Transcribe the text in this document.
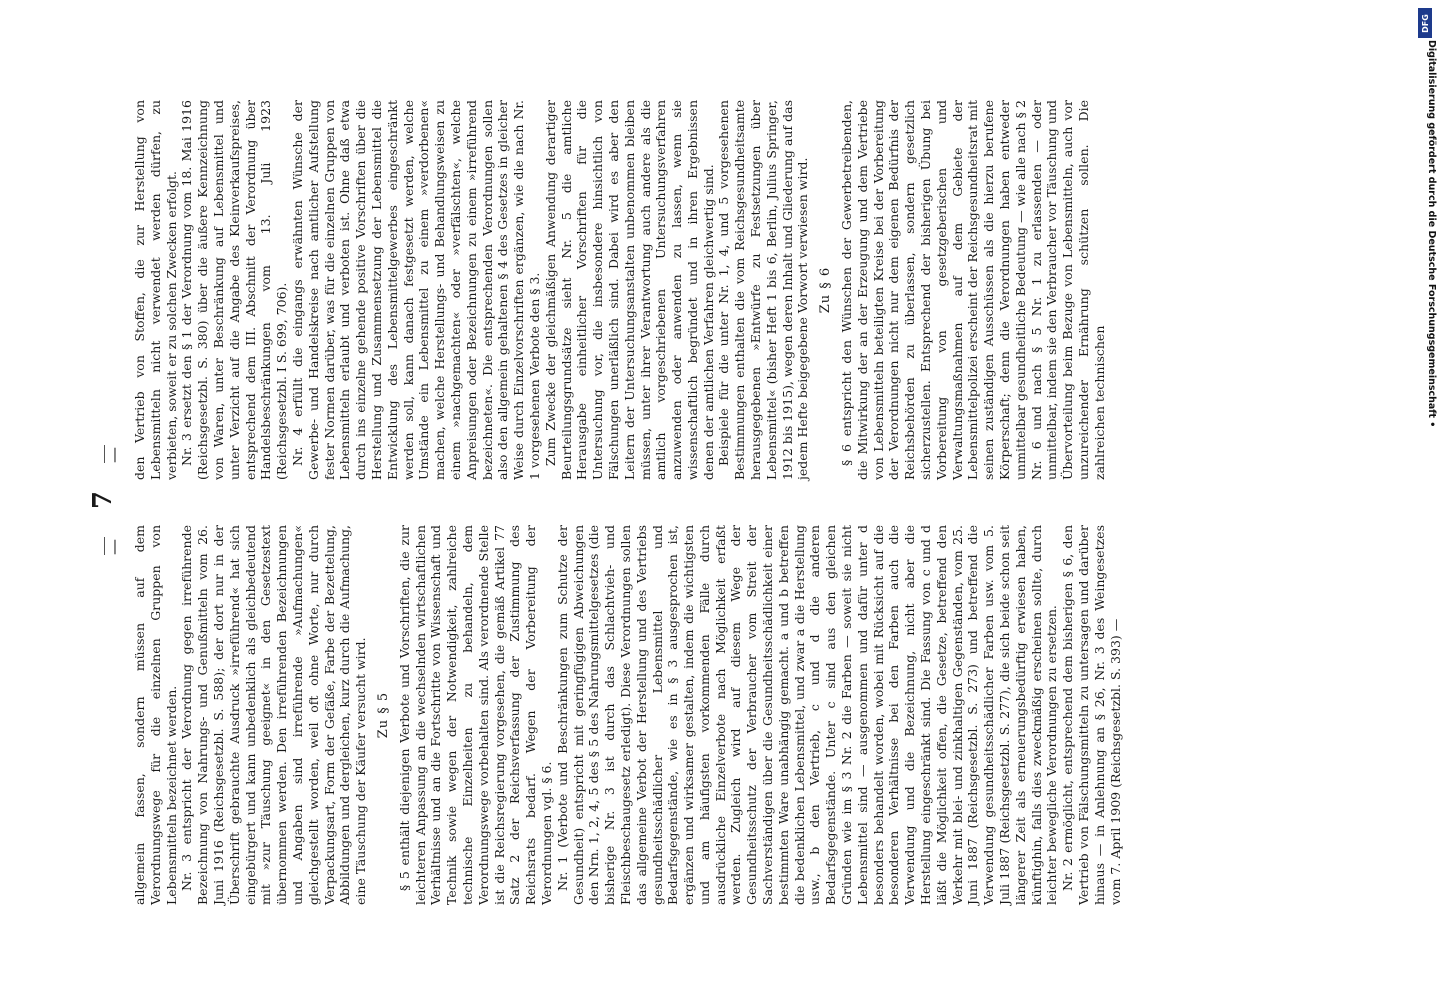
—
7
—

allgemein fassen, sondern müssen auf dem Verordnungswege für die einzelnen Gruppen von Lebensmitteln bezeichnet werden. Nr. 3 entspricht der Verordnung gegen irreführende Bezeichnung von Nahrungs- und Genußmitteln vom 26. Juni 1916 (Reichsgesetzbl. S. 588); der dort nur in der Überschrift gebrauchte Ausdruck »irreführend« hat sich eingebürgert und kann unbedenklich als gleichbedeutend mit »zur Täuschung geeignet« in den Gesetzestext übernommen werden. Den irreführenden Bezeichnungen und Angaben sind irreführende »Aufmachungen« gleichgestellt worden, weil oft ohne Worte, nur durch Verpackungsart, Form der Gefäße, Farbe der Bezettelung, Abbildungen und dergleichen, kurz durch die Aufmachung, eine Täuschung der Käufer versucht wird. Zu § 5 § 5 enthält diejenigen Verbote und Vorschriften, die zur leichteren Anpassung an die wechselnden wirtschaftlichen Verhältnisse und an die Fortschritte von Wissenschaft und Technik sowie wegen der Notwendigkeit, zahlreiche technische Einzelheiten zu behandeln, dem Verordnungswege vorbehalten sind. Als verordnende Stelle ist die Reichsregierung vorgesehen, die gemäß Artikel 77 Satz 2 der Reichsverfassung der Zustimmung des Reichsrats bedarf. Wegen der Vorbereitung der Verordnungen vgl. § 6. Nr. 1 (Verbote und Beschränkungen zum Schutze der Gesundheit) entspricht mit geringfügigen Abweichungen den Nrn. 1, 2, 4, 5 des § 5 des Nahrungsmittelgesetzes (die bisherige Nr. 3 ist durch das Schlachtvieh- und Fleischbeschaugesetz erledigt). Diese Verordnungen sollen das allgemeine Verbot der Herstellung und des Vertriebs gesundheitsschädlicher Lebensmittel und Bedarfsgegenstände, wie es in § 3 ausgesprochen ist, ergänzen und wirksamer gestalten, indem die wichtigsten und am häufigsten vorkommenden Fälle durch ausdrückliche Einzelverbote nach Möglichkeit erfaßt werden. Zugleich wird auf diesem Wege der Gesundheitsschutz der Verbraucher vom Streit der Sachverständigen über die Gesundheitsschädlichkeit einer bestimmten Ware unabhängig gemacht. a und b betreffen die bedenklichen Lebensmittel, und zwar a die Herstellung usw., b den Vertrieb, c und d die anderen Bedarfsgegenstände. Unter c sind aus den gleichen Gründen wie im § 3 Nr. 2 die Farben — soweit sie nicht Lebensmittel sind — ausgenommen und dafür unter d besonders behandelt worden, wobei mit Rücksicht auf die besonderen Verhältnisse bei den Farben auch die Verwendung und die Bezeichnung, nicht aber die Herstellung eingeschränkt sind. Die Fassung von c und d läßt die Möglichkeit offen, die Gesetze, betreffend den Verkehr mit blei- und zinkhaltigen Gegenständen, vom 25. Juni 1887 (Reichsgesetzbl. S. 273) und betreffend die Verwendung gesundheitsschädlicher Farben usw. vom 5. Juli 1887 (Reichsgesetzbl. S. 277), die sich beide schon seit längerer Zeit als erneuerungsbedürftig erwiesen haben, künftighin, falls dies zweckmäßig erscheinen sollte, durch leichter bewegliche Verordnungen zu ersetzen. Nr. 2 ermöglicht, entsprechend dem bisherigen § 6, den Vertrieb von Fälschungsmitteln zu untersagen und darüber hinaus — in Anlehnung an § 26, Nr. 3 des Weingesetzes vom 7. April 1909 (Reichsgesetzbl. S. 393) —

den Vertrieb von Stoffen, die zur Herstellung von Lebensmitteln nicht verwendet werden dürfen, zu verbieten, soweit er zu solchen Zwecken erfolgt. Nr. 3 ersetzt den § 1 der Verordnung vom 18. Mai 1916 (Reichsgesetzbl. S. 380) über die äußere Kennzeichnung von Waren, unter Beschränkung auf Lebensmittel und unter Verzicht auf die Angabe des Kleinverkaufspreises, entsprechend dem III. Abschnitt der Verordnung über Handelsbeschränkungen vom 13. Juli 1923 (Reichsgesetzbl. I S. 699, 706). Nr. 4 erfüllt die eingangs erwähnten Wünsche der Gewerbe- und Handelskreise nach amtlicher Aufstellung fester Normen darüber, was für die einzelnen Gruppen von Lebensmitteln erlaubt und verboten ist. Ohne daß etwa durch ins einzelne gehende positive Vorschriften über die Herstellung und Zusammensetzung der Lebensmittel die Entwicklung des Lebensmittelgewerbes eingeschränkt werden soll, kann danach festgesetzt werden, welche Umstände ein Lebensmittel zu einem »verdorbenen« machen, welche Herstellungs- und Behandlungsweisen zu einem »nachgemachten« oder »verfälschten«, welche Anpreisungen oder Bezeichnungen zu einem »irreführend bezeichneten«. Die entsprechenden Verordnungen sollen also den allgemein gehaltenen § 4 des Gesetzes in gleicher Weise durch Einzelvorschriften ergänzen, wie die nach Nr. 1 vorgesehenen Verbote den § 3. Zum Zwecke der gleichmäßigen Anwendung derartiger Beurteilungsgrundsätze sieht Nr. 5 die amtliche Herausgabe einheitlicher Vorschriften für die Untersuchung vor, die insbesondere hinsichtlich von Fälschungen unerläßlich sind. Dabei wird es aber den Leitern der Untersuchungsanstalten unbenommen bleiben müssen, unter ihrer Verantwortung auch andere als die amtlich vorgeschriebenen Untersuchungsverfahren anzuwenden oder anwenden zu lassen, wenn sie wissenschaftlich begründet und in ihren Ergebnissen denen der amtlichen Verfahren gleichwertig sind. Beispiele für die unter Nr. 1, 4, und 5 vorgesehenen Bestimmungen enthalten die vom Reichsgesundheitsamte herausgegebenen »Entwürfe zu Festsetzungen über Lebensmittel« (bisher Heft 1 bis 6, Berlin, Julius Springer, 1912 bis 1915), wegen deren Inhalt und Gliederung auf das jedem Hefte beigegebene Vorwort verwiesen wird. Zu § 6 § 6 entspricht den Wünschen der Gewerbetreibenden, die Mitwirkung der an der Erzeugung und dem Vertriebe von Lebensmitteln beteiligten Kreise bei der Vorbereitung der Verordnungen nicht nur dem eigenen Bedürfnis der Reichsbehörden zu überlassen, sondern gesetzlich sicherzustellen. Entsprechend der bisherigen Übung bei Vorbereitung von gesetzgeberischen und Verwaltungsmaßnahmen auf dem Gebiete der Lebensmittelpolizei erscheint der Reichsgesundheitsrat mit seinen zuständigen Ausschüssen als die hierzu berufene Körperschaft; denn die Verordnungen haben entweder unmittelbar gesundheitliche Bedeutung — wie alle nach § 2 Nr. 6 und nach § 5 Nr. 1 zu erlassenden — oder unmittelbar, indem sie den Verbraucher vor Täuschung und Übervorteilung beim Bezuge von Lebensmitteln, auch vor unzureichender Ernährung schützen sollen. Die zahlreichen technischen

DFG
Digitalisierung gefördert durch die Deutsche Forschungsgemeinschaft •
